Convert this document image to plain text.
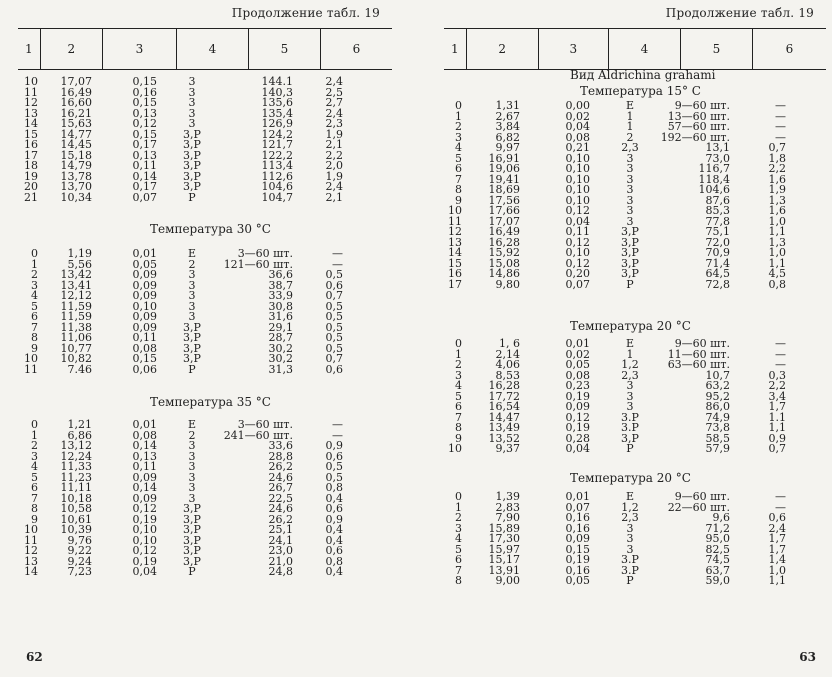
Продолжение табл. 19
1	2	3	4	5	6
10	17,07	0,15	3	144.1	2,4
11	16,49	0,16	3	140,3	2,5
12	16,60	0,15	3	135,6	2,7
13	16,21	0,13	3	135,4	2,4
14	15,63	0,12	3	126,9	2,3
15	14,77	0,15	3,P	124,2	1,9
16	14,45	0,17	3,P	121,7	2,1
17	15,18	0,13	3,P	122,2	2,2
18	14,79	0,11	3,P	113,4	2,0
19	13,78	0,14	3,P	112,6	1,9
20	13,70	0,17	3,P	104,6	2,4
21	10,34	0,07	P	104,7	2,1
Температура 30 °С
0	1,19	0,01	E	3—60 шт.	—
1	5,56	0,05	2	121—60 шт.	—
2	13,42	0,09	3	36,6	0,5
3	13,41	0,09	3	38,7	0,6
4	12,12	0,09	3	33,9	0,7
5	11,59	0,10	3	30,8	0,5
6	11,59	0,09	3	31,6	0,5
7	11,38	0,09	3,P	29,1	0,5
8	11,06	0,11	3,P	28,7	0,5
9	10,77	0,08	3,P	30,2	0,5
10	10,82	0,15	3,P	30,2	0,7
11	7.46	0,06	P	31,3	0,6
Температура 35 °С
0	1,21	0,01	E	3—60 шт.	—
1	6,86	0,08	2	241—60 шт.	—
2	13,12	0,14	3	33,6	0,9
3	12,24	0,13	3	28,8	0,6
4	11,33	0,11	3	26,2	0,5
5	11,23	0,09	3	24,6	0,5
6	11,11	0,14	3	26,7	0,8
7	10,18	0,09	3	22,5	0,4
8	10,58	0,12	3,P	24,6	0,6
9	10,61	0,19	3,P	26,2	0,9
10	10,39	0,10	3,P	25,1	0,4
11	9,76	0,10	3,P	24,1	0,4
12	9,22	0,12	3,P	23,0	0,6
13	9,24	0,19	3,P	21,0	0,8
14	7,23	0,04	P	24,8	0,4
62
Продолжение табл. 19
1	2	3	4	5	6
Вид Aldrichina grahami
Температура 15° С
0	1,31	0,00	E	9—60 шт.	—
1	2,67	0,02	1	13—60 шт.	—
2	3,84	0,04	1	57—60 шт.	—
3	6,82	0,08	2	192—60 шт.	—
4	9,97	0,21	2,3	13,1	0,7
5	16,91	0,10	3	73,0	1,8
6	19,06	0,10	3	116,7	2,2
7	19,41	0,10	3	118,4	1,6
8	18,69	0,10	3	104,6	1,9
9	17,56	0,10	3	87,6	1,3
10	17,66	0,12	3	85,3	1,6
11	17,07	0,04	3	77,8	1,0
12	16,49	0,11	3,P	75,1	1,1
13	16,28	0,12	3,P	72,0	1,3
14	15,92	0,10	3,P	70,9	1,0
15	15,08	0,12	3,P	71,4	1,1
16	14,86	0,20	3,P	64,5	4,5
17	9,80	0,07	P	72,8	0,8
Температура 20 °С
0	1, 6	0,01	E	9—60 шт.	—
1	2,14	0,02	1	11—60 шт.	—
2	4,06	0,05	1,2	63—60 шт.	—
3	8,53	0,08	2,3	10,7	0,3
4	16,28	0,23	3	63,2	2,2
5	17,72	0,19	3	95,2	3,4
6	16,54	0,09	3	86,0	1,7
7	14,47	0,12	3.P	74,9	1.1
8	13,49	0,19	3.P	73,8	1,1
9	13,52	0,28	3,P	58,5	0,9
10	9,37	0,04	P	57,9	0,7
Температура 20 °С
0	1,39	0,01	E	9—60 шт.	—
1	2,83	0,07	1,2	22—60 шт.	—
2	7,90	0,16	2,3	9,6	0,6
3	15,89	0,16	3	71,2	2,4
4	17,30	0,09	3	95,0	1,7
5	15,97	0,15	3	82,5	1,7
6	15,17	0,19	3.P	74,5	1,4
7	13,91	0,16	3.P	63,7	1,0
8	9,00	0,05	P	59,0	1,1
63
